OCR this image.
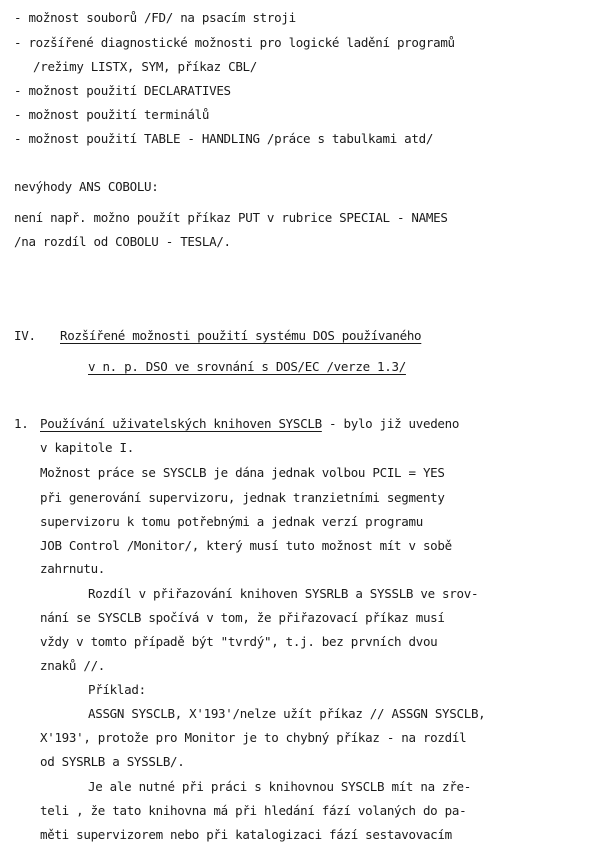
- možnost souborů /FD/ na psacím stroji
- rozšířené diagnostické možnosti pro logické ladění programů
/režimy LISTX, SYM, příkaz CBL/
- možnost použití DECLARATIVES
- možnost použití terminálů
- možnost použití TABLE - HANDLING /práce s tabulkami atd/
nevýhody ANS COBOLU:
není např. možno použít příkaz PUT v rubrice SPECIAL - NAMES
/na rozdíl od COBOLU - TESLA/.
IV. Rozšířené možnosti použití systému DOS používaného
v n. p. DSO ve srovnání s DOS/EC /verze 1.3/
1. Používání uživatelských knihoven SYSCLB - bylo již uvedeno
v kapitole I.
Možnost práce se SYSCLB je dána jednak volbou PCIL = YES
při generování supervizoru, jednak tranzietními segmenty
supervizoru k tomu potřebnými a jednak verzí programu
JOB Control /Monitor/, který musí tuto možnost mít v sobě
zahrnutu.
Rozdíl v přiřazování knihoven SYSRLB a SYSSLB ve srov-
nání se SYSCLB spočívá v tom, že přiřazovací příkaz musí
vždy v tomto případě být "tvrdý", t.j. bez prvních dvou
znaků //.
Příklad:
ASSGN SYSCLB, X'193'/nelze užít příkaz // ASSGN SYSCLB,
X'193', protože pro Monitor je to chybný příkaz - na rozdíl
od SYSRLB a SYSSLB/.
Je ale nutné při práci s knihovnou SYSCLB mít na zře-
teli , že tato knihovna má při hledání fází volaných do pa-
měti supervizorem nebo při katalogizaci fází sestavovacím
